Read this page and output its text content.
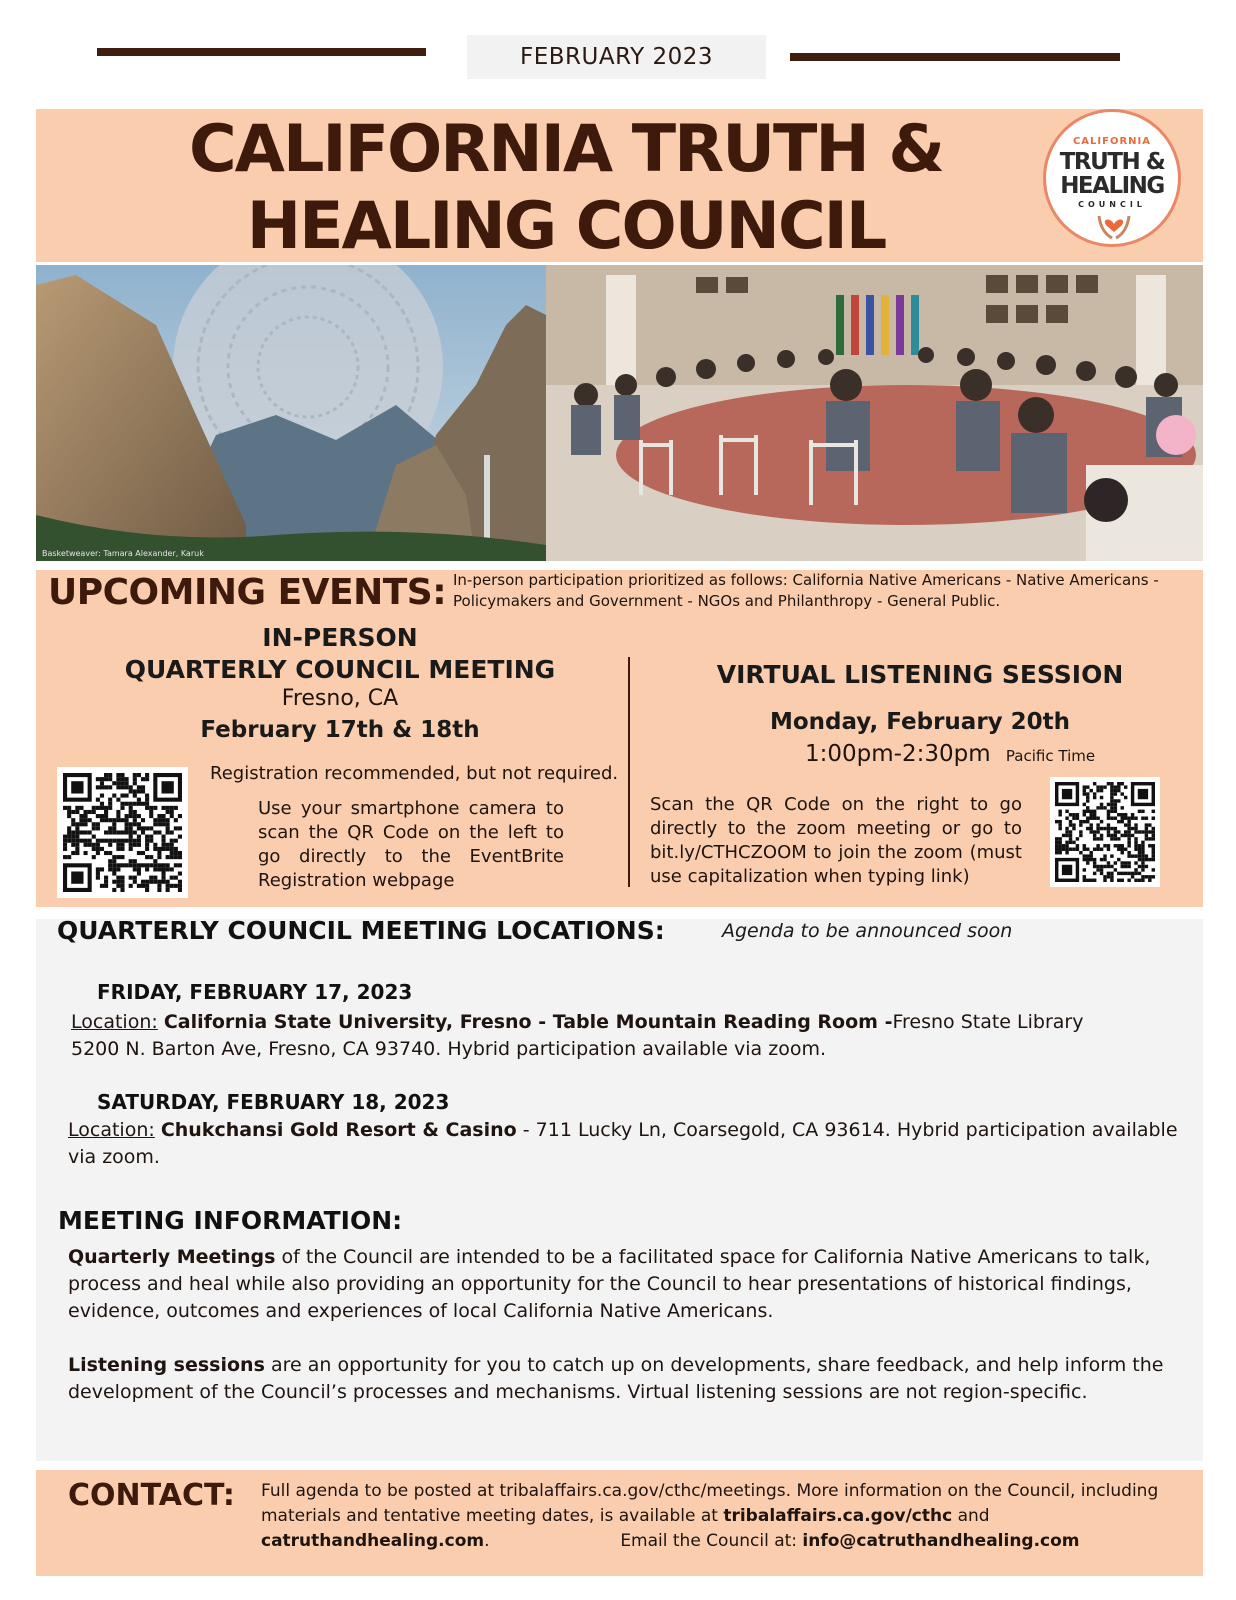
FEBRUARY 2023
CALIFORNIA TRUTH &
HEALING COUNCIL
CALIFORNIA
TRUTH &
HEALING
COUNCIL
Basketweaver: Tamara Alexander, Karuk
UPCOMING EVENTS: In-person participation prioritized as follows: California Native Americans - Native Americans - Policymakers and Government - NGOs and Philanthropy - General Public.
IN-PERSON
QUARTERLY COUNCIL MEETING
Fresno, CA
February 17th & 18th
Registration recommended, but not required.
Use your smartphone camera to scan the QR Code on the left to go directly to the EventBrite Registration webpage
VIRTUAL LISTENING SESSION
Monday, February 20th
1:00pm-2:30pm Pacific Time
Scan the QR Code on the right to go directly to the zoom meeting or go to bit.ly/CTHCZOOM to join the zoom (must use capitalization when typing link)
QUARTERLY COUNCIL MEETING LOCATIONS:	Agenda to be announced soon
FRIDAY, FEBRUARY 17, 2023
Location: California State University, Fresno - Table Mountain Reading Room -Fresno State Library
5200 N. Barton Ave, Fresno, CA 93740. Hybrid participation available via zoom.
SATURDAY, FEBRUARY 18, 2023
Location: Chukchansi Gold Resort & Casino - 711 Lucky Ln, Coarsegold, CA 93614. Hybrid participation available via zoom.
MEETING INFORMATION:
Quarterly Meetings of the Council are intended to be a facilitated space for California Native Americans to talk, process and heal while also providing an opportunity for the Council to hear presentations of historical findings, evidence, outcomes and experiences of local California Native Americans.
Listening sessions are an opportunity for you to catch up on developments, share feedback, and help inform the development of the Council’s processes and mechanisms. Virtual listening sessions are not region-specific.
CONTACT: Full agenda to be posted at tribalaffairs.ca.gov/cthc/meetings. More information on the Council, including materials and tentative meeting dates, is available at tribalaffairs.ca.gov/cthc and
catruthandhealing.com.	Email the Council at: info@catruthandhealing.com
